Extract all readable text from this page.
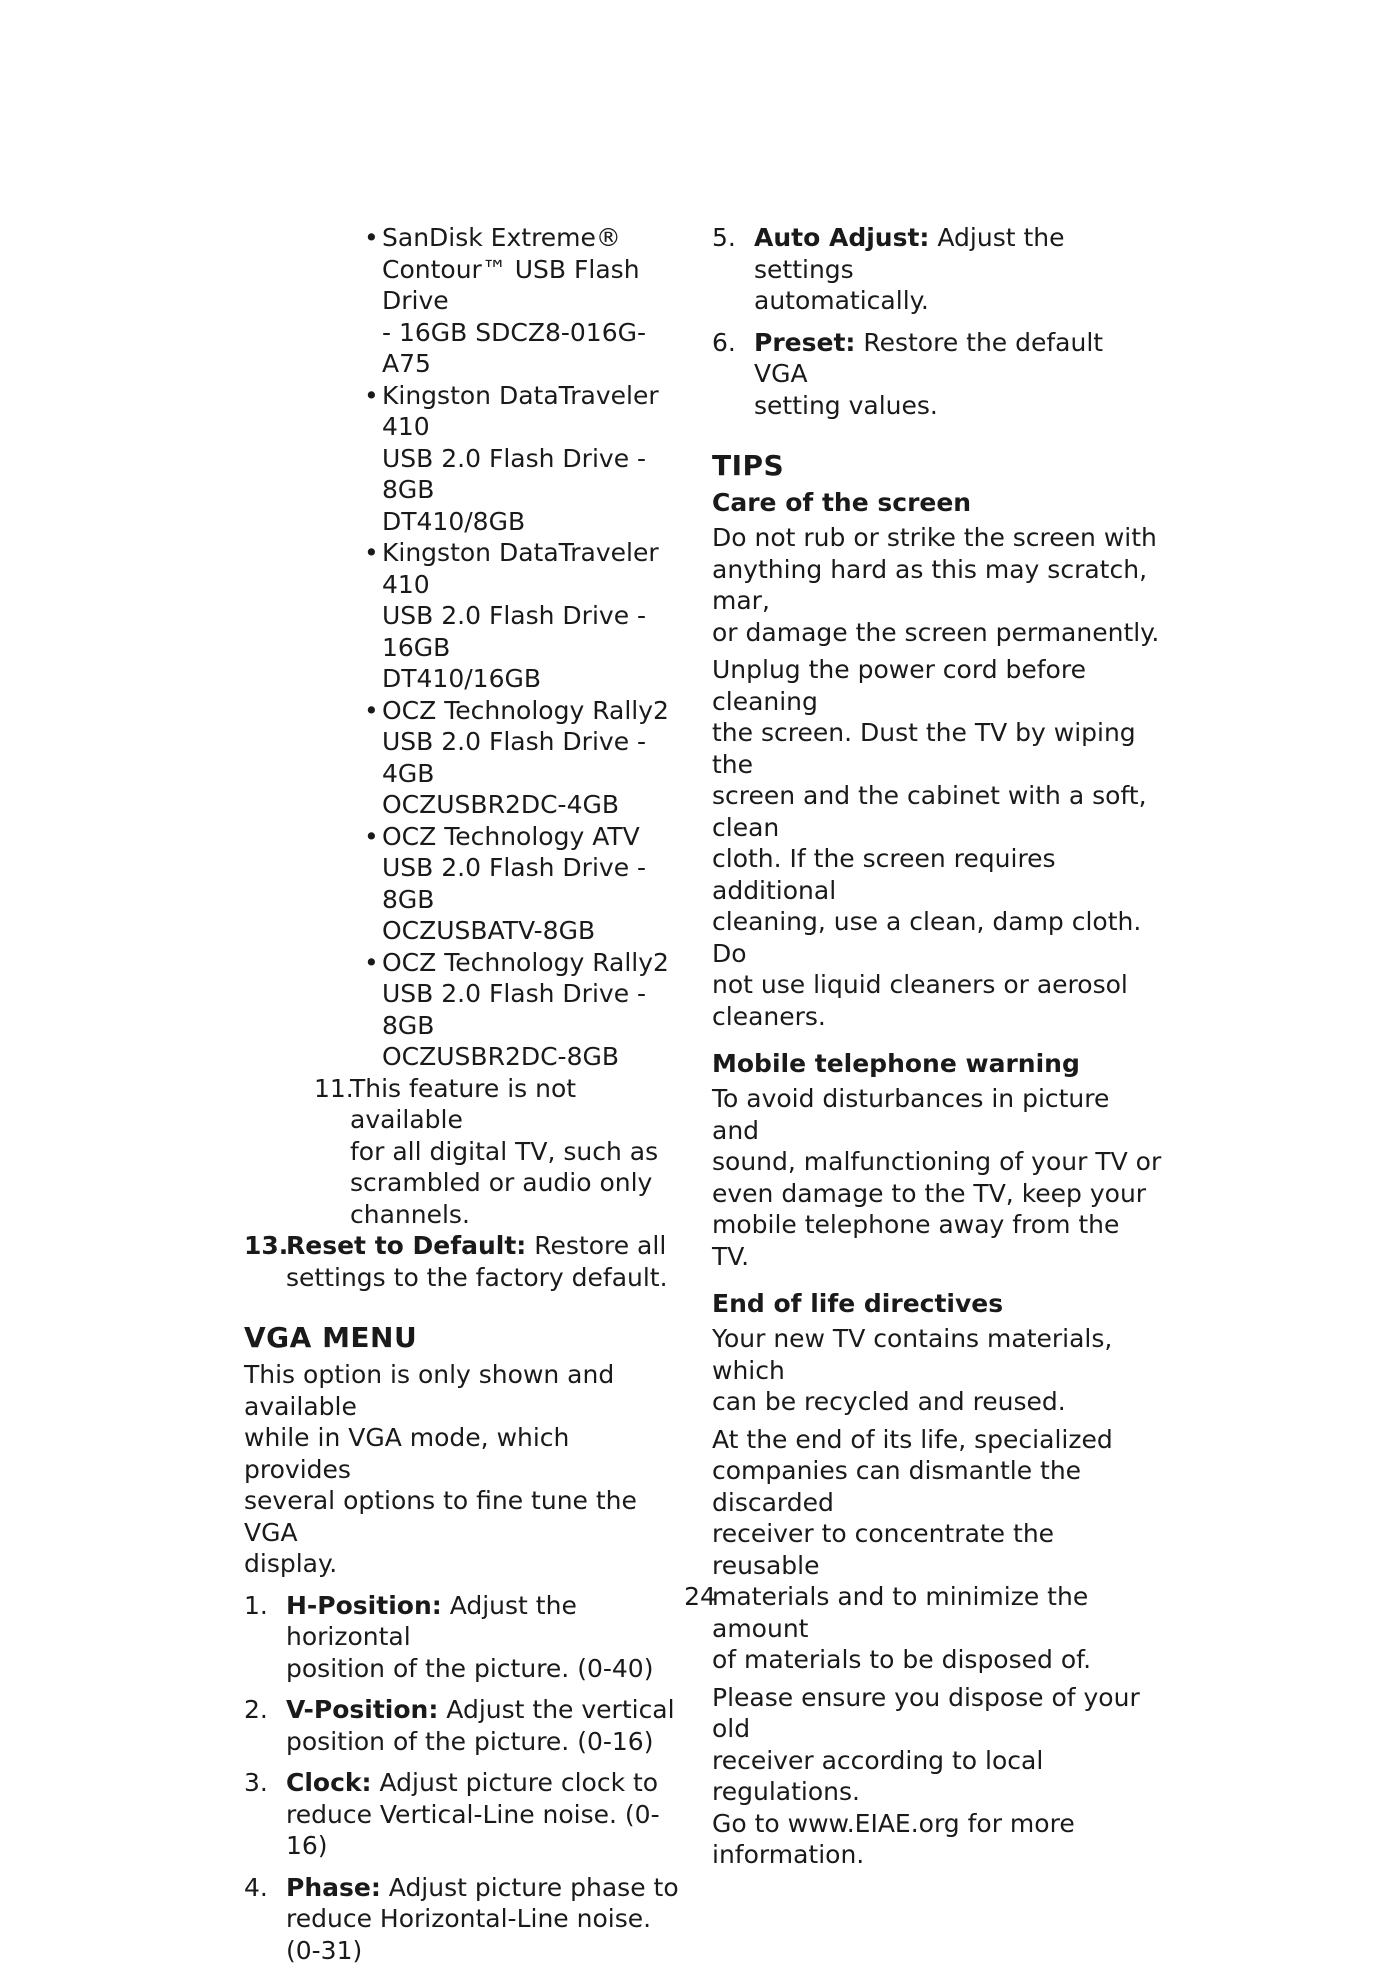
• SanDisk Extreme®
Contour™ USB Flash Drive
- 16GB SDCZ8-016G-A75
• Kingston DataTraveler 410
USB 2.0 Flash Drive - 8GB
DT410/8GB
• Kingston DataTraveler 410
USB 2.0 Flash Drive - 16GB
DT410/16GB
• OCZ Technology Rally2
USB 2.0 Flash Drive - 4GB
OCZUSBR2DC-4GB
• OCZ Technology ATV
USB 2.0 Flash Drive - 8GB
OCZUSBATV-8GB
• OCZ Technology Rally2
USB 2.0 Flash Drive - 8GB
OCZUSBR2DC-8GB
11.
This feature is not available
for all digital TV, such as
scrambled or audio only
channels.
13.
Reset to Default: Restore all
settings to the factory default.
VGA MENU
This option is only shown and available
while in VGA mode, which provides
several options to fine tune the VGA
display.
1. H-Position: Adjust the horizontal
position of the picture. (0-40)
2. V-Position: Adjust the vertical
position of the picture. (0-16)
3. Clock: Adjust picture clock to
reduce Vertical-Line noise. (0-16)
4. Phase: Adjust picture phase to
reduce Horizontal-Line noise.
(0-31)
5. Auto Adjust: Adjust the settings
automatically.
6. Preset: Restore the default VGA
setting values.
TIPS
Care of the screen
Do not rub or strike the screen with
anything hard as this may scratch, mar,
or damage the screen permanently.
Unplug the power cord before cleaning
the screen. Dust the TV by wiping the
screen and the cabinet with a soft, clean
cloth. If the screen requires additional
cleaning, use a clean, damp cloth. Do
not use liquid cleaners or aerosol
cleaners.
Mobile telephone warning
To avoid disturbances in picture and
sound, malfunctioning of your TV or
even damage to the TV, keep your
mobile telephone away from the TV.
End of life directives
Your new TV contains materials, which
can be recycled and reused.
At the end of its life, specialized
companies can dismantle the discarded
receiver to concentrate the reusable
materials and to minimize the amount
of materials to be disposed of.
Please ensure you dispose of your old
receiver according to local regulations.
Go to www.EIAE.org for more
information.
24
